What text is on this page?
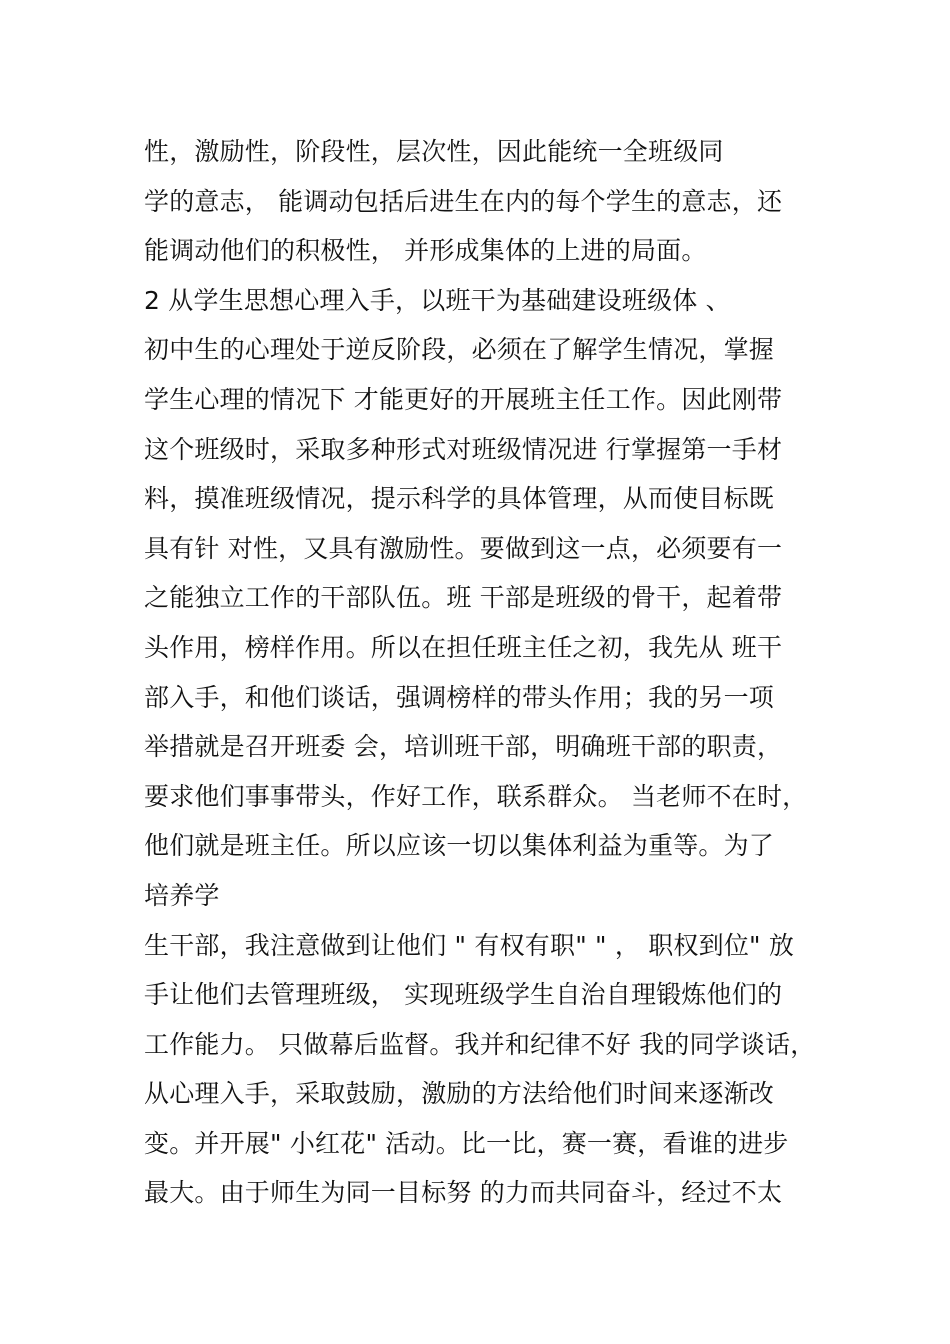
性，激励性，阶段性，层次性，因此能统一全班级同
学的意志， 能调动包括后进生在内的每个学生的意志，还
能调动他们的积极性， 并形成集体的上进的局面。
2 从学生思想心理入手，以班干为基础建设班级体 、
初中生的心理处于逆反阶段，必须在了解学生情况，掌握
学生心理的情况下 才能更好的开展班主任工作。因此刚带
这个班级时，采取多种形式对班级情况进 行掌握第一手材
料，摸准班级情况，提示科学的具体管理，从而使目标既
具有针 对性，又具有激励性。要做到这一点，必须要有一
之能独立工作的干部队伍。班 干部是班级的骨干，起着带
头作用，榜样作用。所以在担任班主任之初，我先从 班干
部入手，和他们谈话，强调榜样的带头作用；我的另一项
举措就是召开班委 会，培训班干部，明确班干部的职责，
要求他们事事带头，作好工作，联系群众。 当老师不在时，
他们就是班主任。所以应该一切以集体利益为重等。为了
培养学
生干部，我注意做到让他们 " 有权有职" " ， 职权到位" 放
手让他们去管理班级， 实现班级学生自治自理锻炼他们的
工作能力。 只做幕后监督。我并和纪律不好 我的同学谈话，
从心理入手，采取鼓励，激励的方法给他们时间来逐渐改
变。并开展" 小红花" 活动。比一比，赛一赛，看谁的进步
最大。由于师生为同一目标努 的力而共同奋斗，经过不太
